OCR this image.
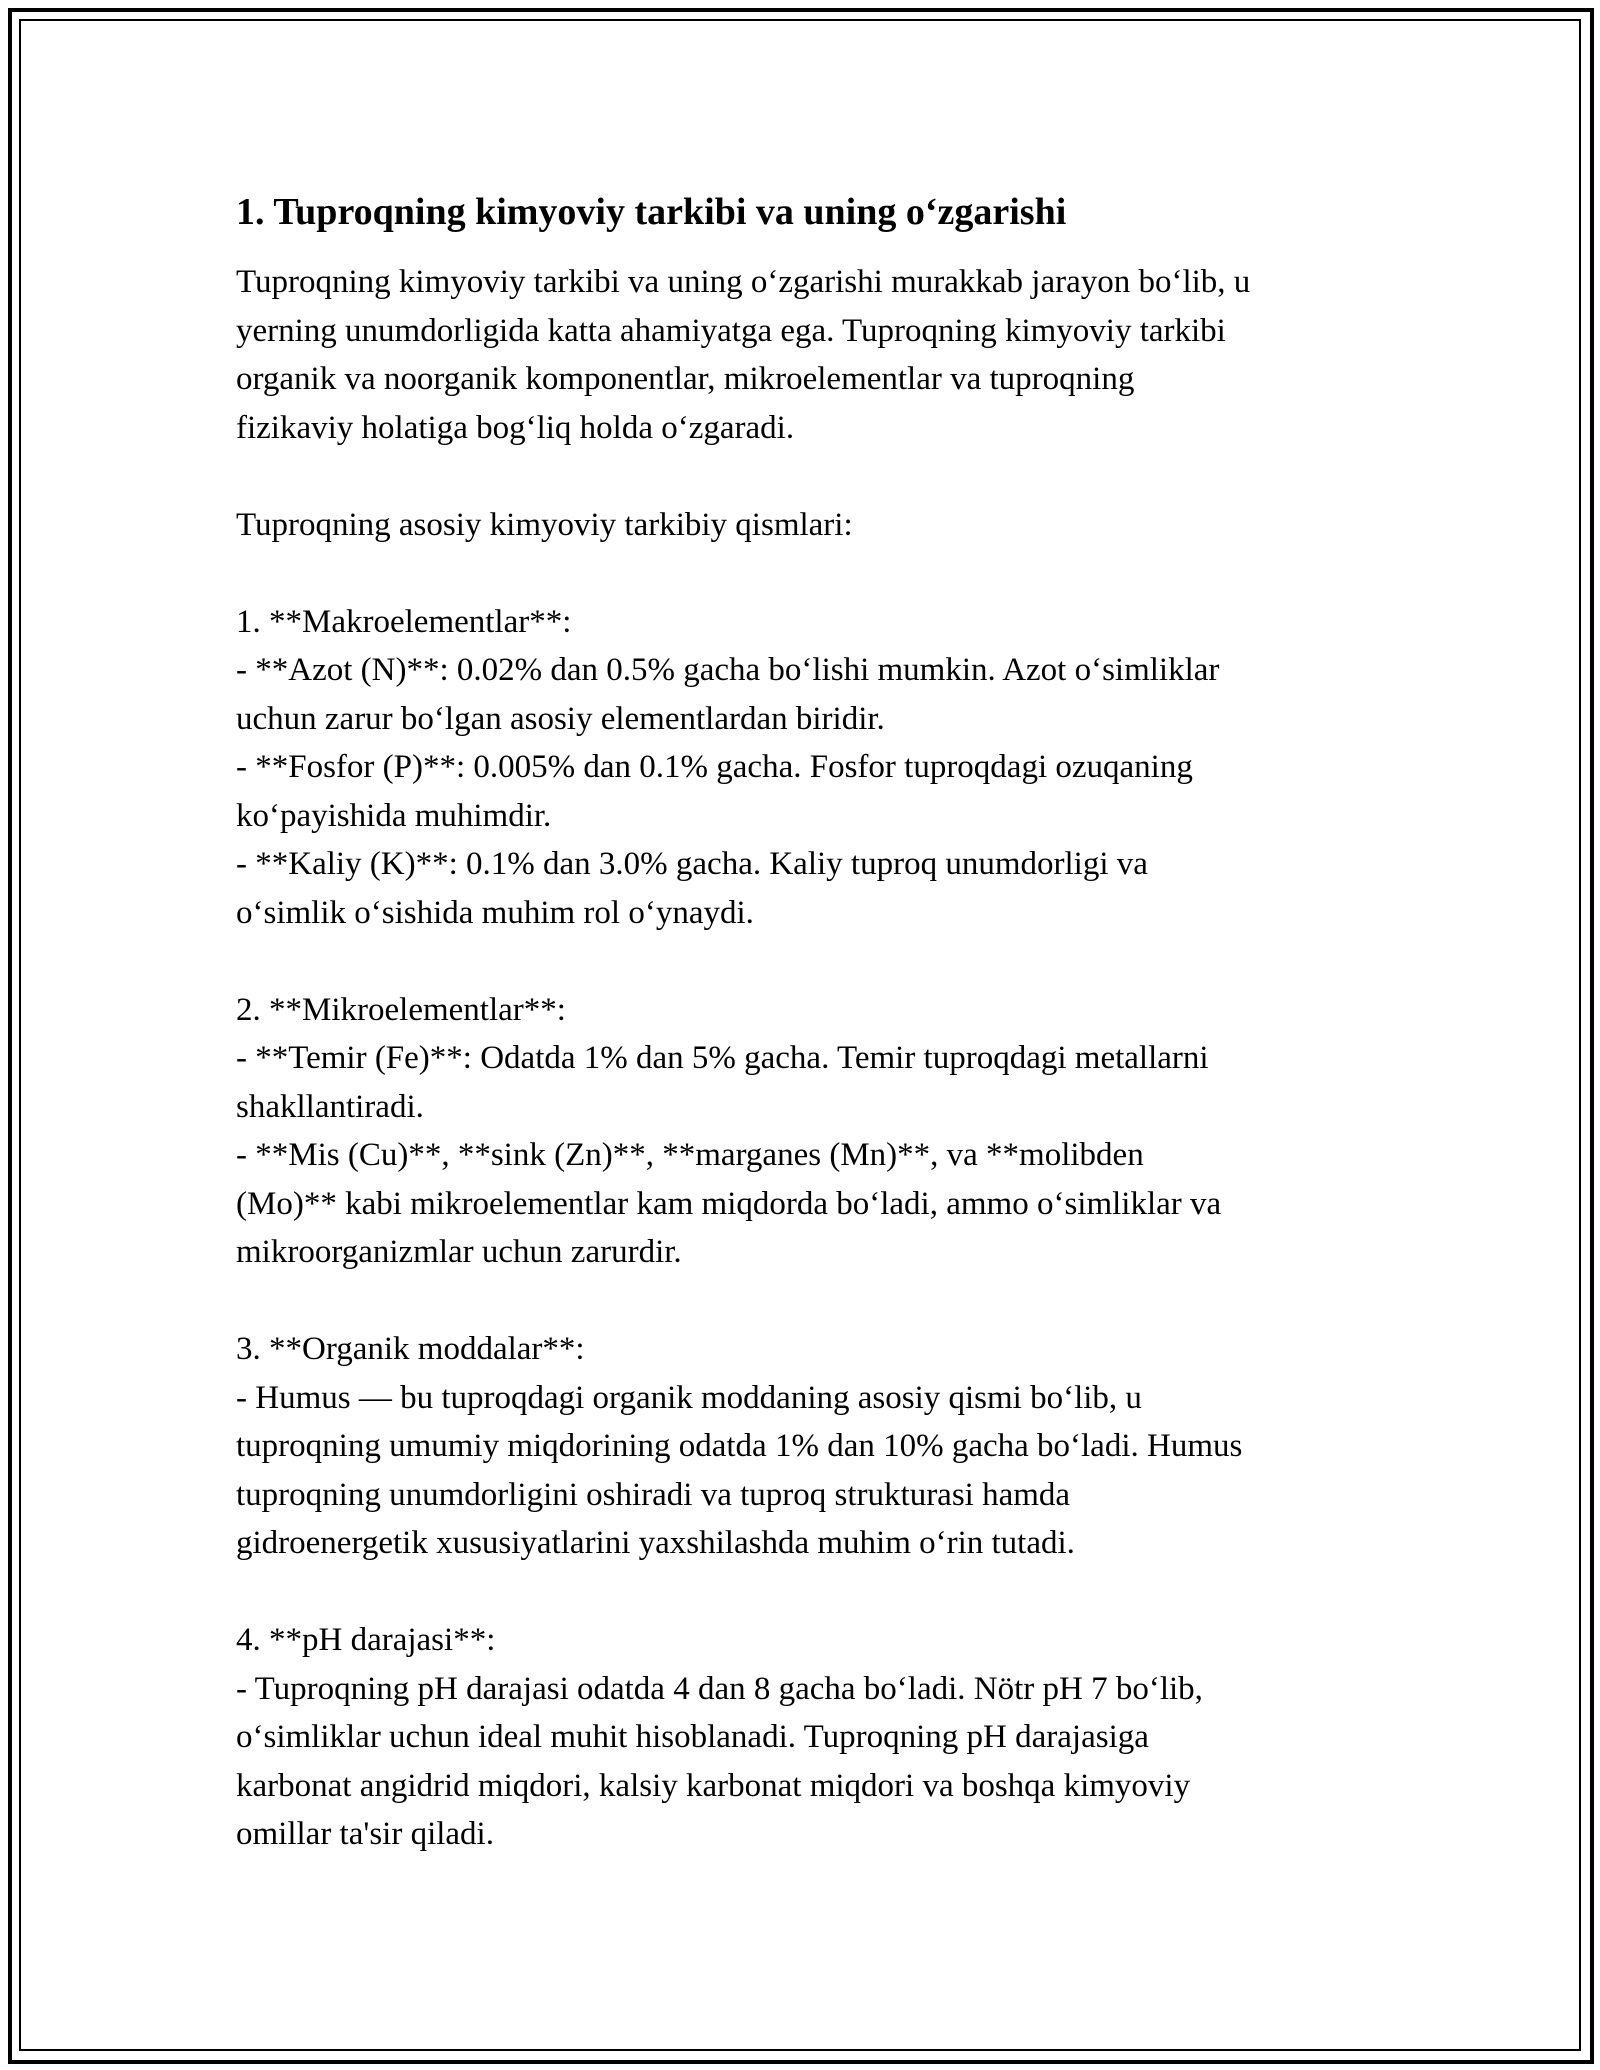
1. Tuproqning kimyoviy tarkibi va uning o‘zgarishi

Tuproqning kimyoviy tarkibi va uning o‘zgarishi murakkab jarayon bo‘lib, u
yerning unumdorligida katta ahamiyatga ega. Tuproqning kimyoviy tarkibi
organik va noorganik komponentlar, mikroelementlar va tuproqning
fizikaviy holatiga bog‘liq holda o‘zgaradi.

Tuproqning asosiy kimyoviy tarkibiy qismlari:

1. **Makroelementlar**:

- **Azot (N)**: 0.02% dan 0.5% gacha bo‘lishi mumkin. Azot o‘simliklar
uchun zarur bo‘lgan asosiy elementlardan biridir.

- **Fosfor (P)**: 0.005% dan 0.1% gacha. Fosfor tuproqdagi ozuqaning
ko‘payishida muhimdir.

- **Kaliy (K)**: 0.1% dan 3.0% gacha. Kaliy tuproq unumdorligi va
o‘simlik o‘sishida muhim rol o‘ynaydi.

2. **Mikroelementlar**:

- **Temir (Fe)**: Odatda 1% dan 5% gacha. Temir tuproqdagi metallarni
shakllantiradi.

- **Mis (Cu)**, **sink (Zn)**, **marganes (Mn)**, va **molibden
(Mo)** kabi mikroelementlar kam miqdorda bo‘ladi, ammo o‘simliklar va
mikroorganizmlar uchun zarurdir.

3. **Organik moddalar**:

- Humus — bu tuproqdagi organik moddaning asosiy qismi bo‘lib, u
tuproqning umumiy miqdorining odatda 1% dan 10% gacha bo‘ladi. Humus
tuproqning unumdorligini oshiradi va tuproq strukturasi hamda
gidroenergetik xususiyatlarini yaxshilashda muhim o‘rin tutadi.

4. **pH darajasi**:

- Tuproqning pH darajasi odatda 4 dan 8 gacha bo‘ladi. Nötr pH 7 bo‘lib,
o‘simliklar uchun ideal muhit hisoblanadi. Tuproqning pH darajasiga
karbonat angidrid miqdori, kalsiy karbonat miqdori va boshqa kimyoviy
omillar ta'sir qiladi.
